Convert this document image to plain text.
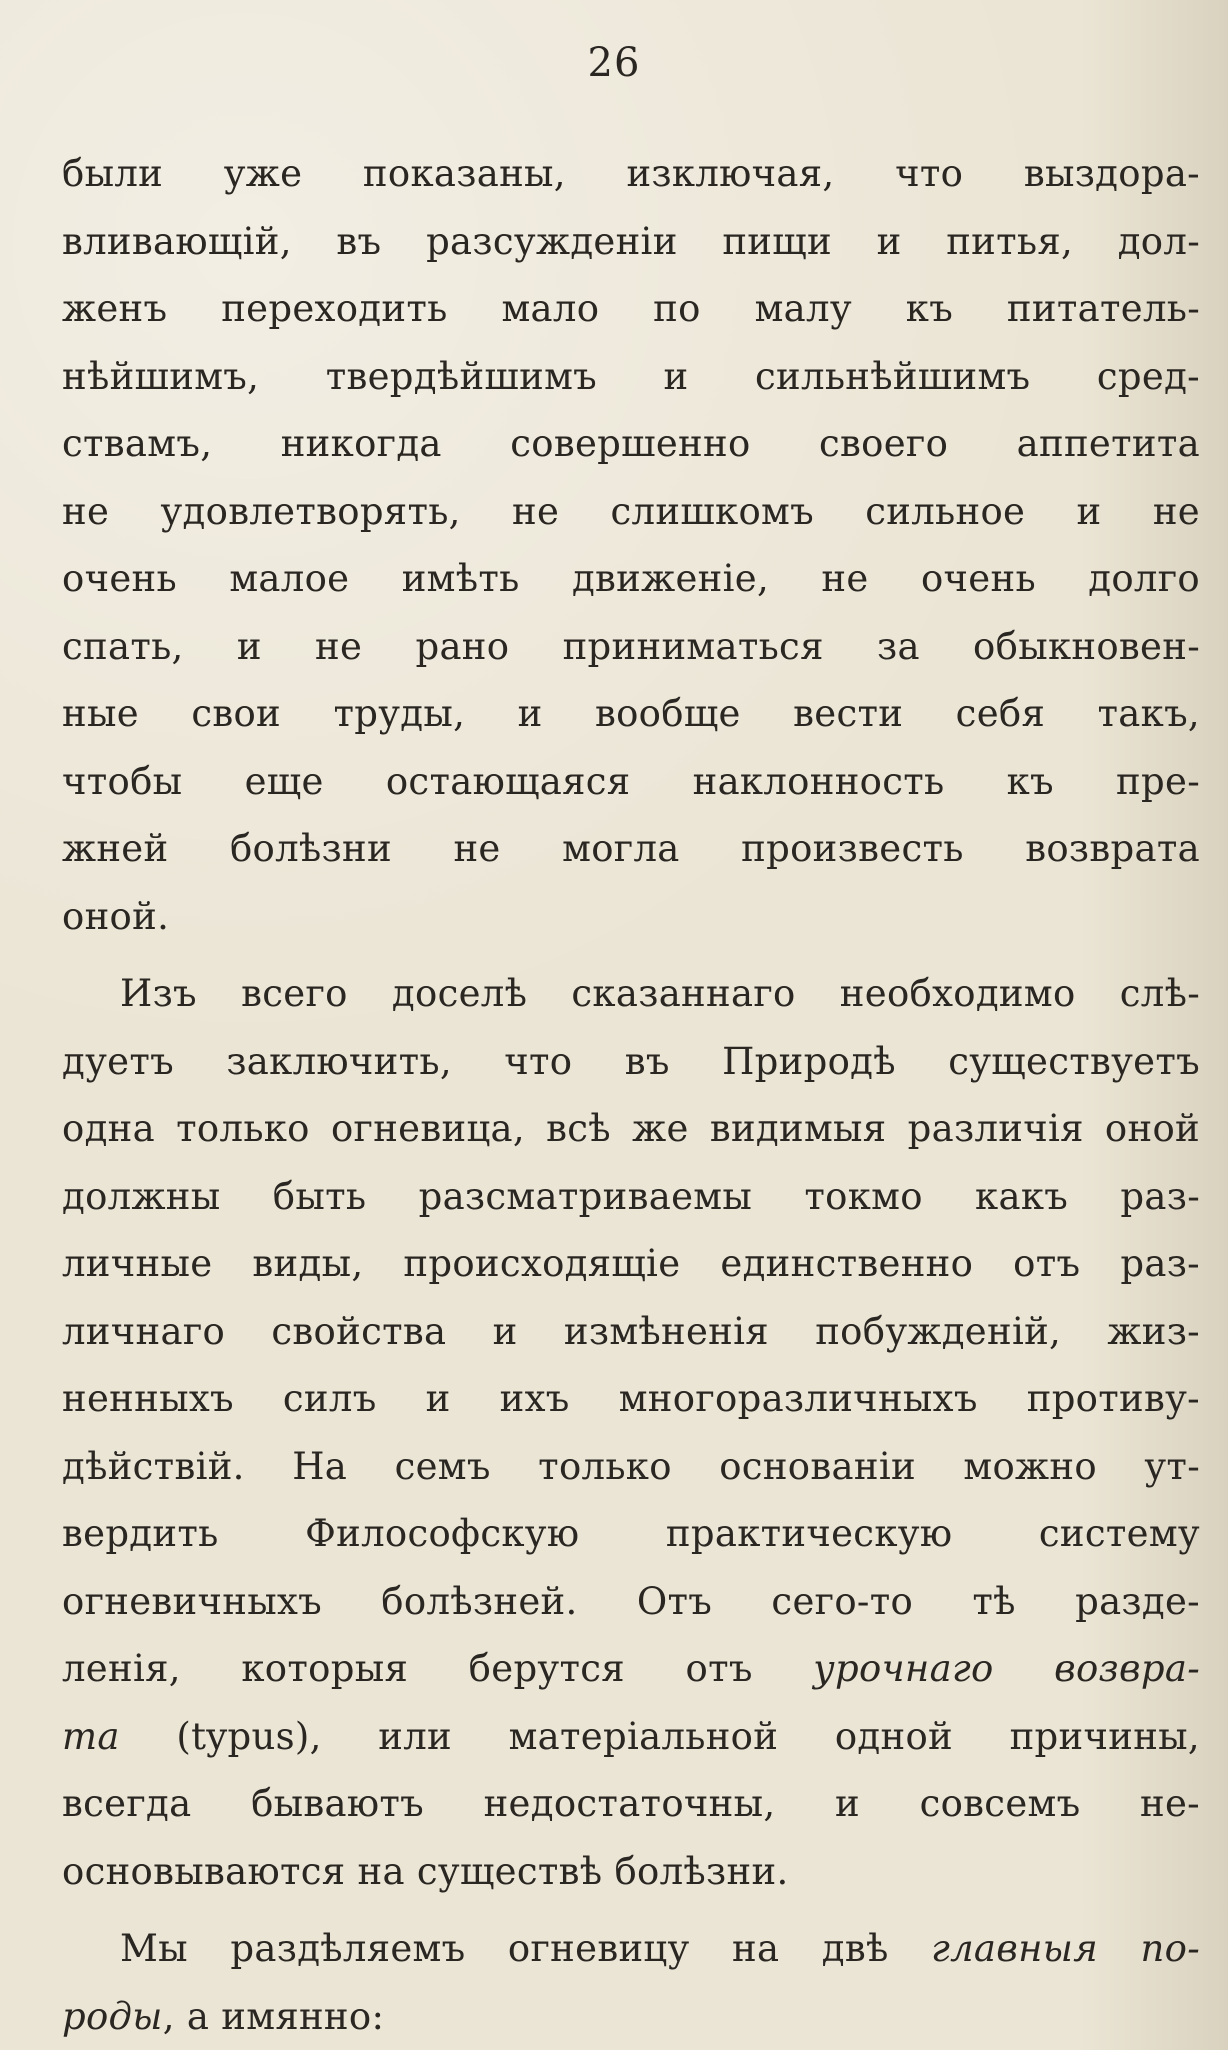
26
были уже показаны, изключая, что выздора-
вливающій, въ разсужденіи пищи и питья, дол-
женъ переходить мало по малу къ питатель-
нѣйшимъ, твердѣйшимъ и сильнѣйшимъ сред-
ствамъ, никогда совершенно своего аппетита
не удовлетворять, не слишкомъ сильное и не
очень малое имѣть движеніе, не очень долго
спать, и не рано приниматься за обыкновен-
ные свои труды, и вообще вести себя такъ,
чтобы еще остающаяся наклонность къ пре-
жней болѣзни не могла произвесть возврата
оной.
Изъ всего доселѣ сказаннаго необходимо слѣ-
дуетъ заключить, что въ Природѣ существуетъ
одна только огневица, всѣ же видимыя различія оной
должны быть разсматриваемы токмо какъ раз-
личные виды, происходящіе единственно отъ раз-
личнаго свойства и измѣненія побужденій, жиз-
ненныхъ силъ и ихъ многоразличныхъ противу-
дѣйствій. На семъ только основаніи можно ут-
вердить Философскую практическую систему
огневичныхъ болѣзней. Отъ сего-то тѣ разде-
ленія, которыя берутся отъ урочнаго возвра-
та (typus), или матеріальной одной причины,
всегда бываютъ недостаточны, и совсемъ не-
основываются на существѣ болѣзни.
Мы раздѣляемъ огневицу на двѣ главныя по-
роды, а имянно:
